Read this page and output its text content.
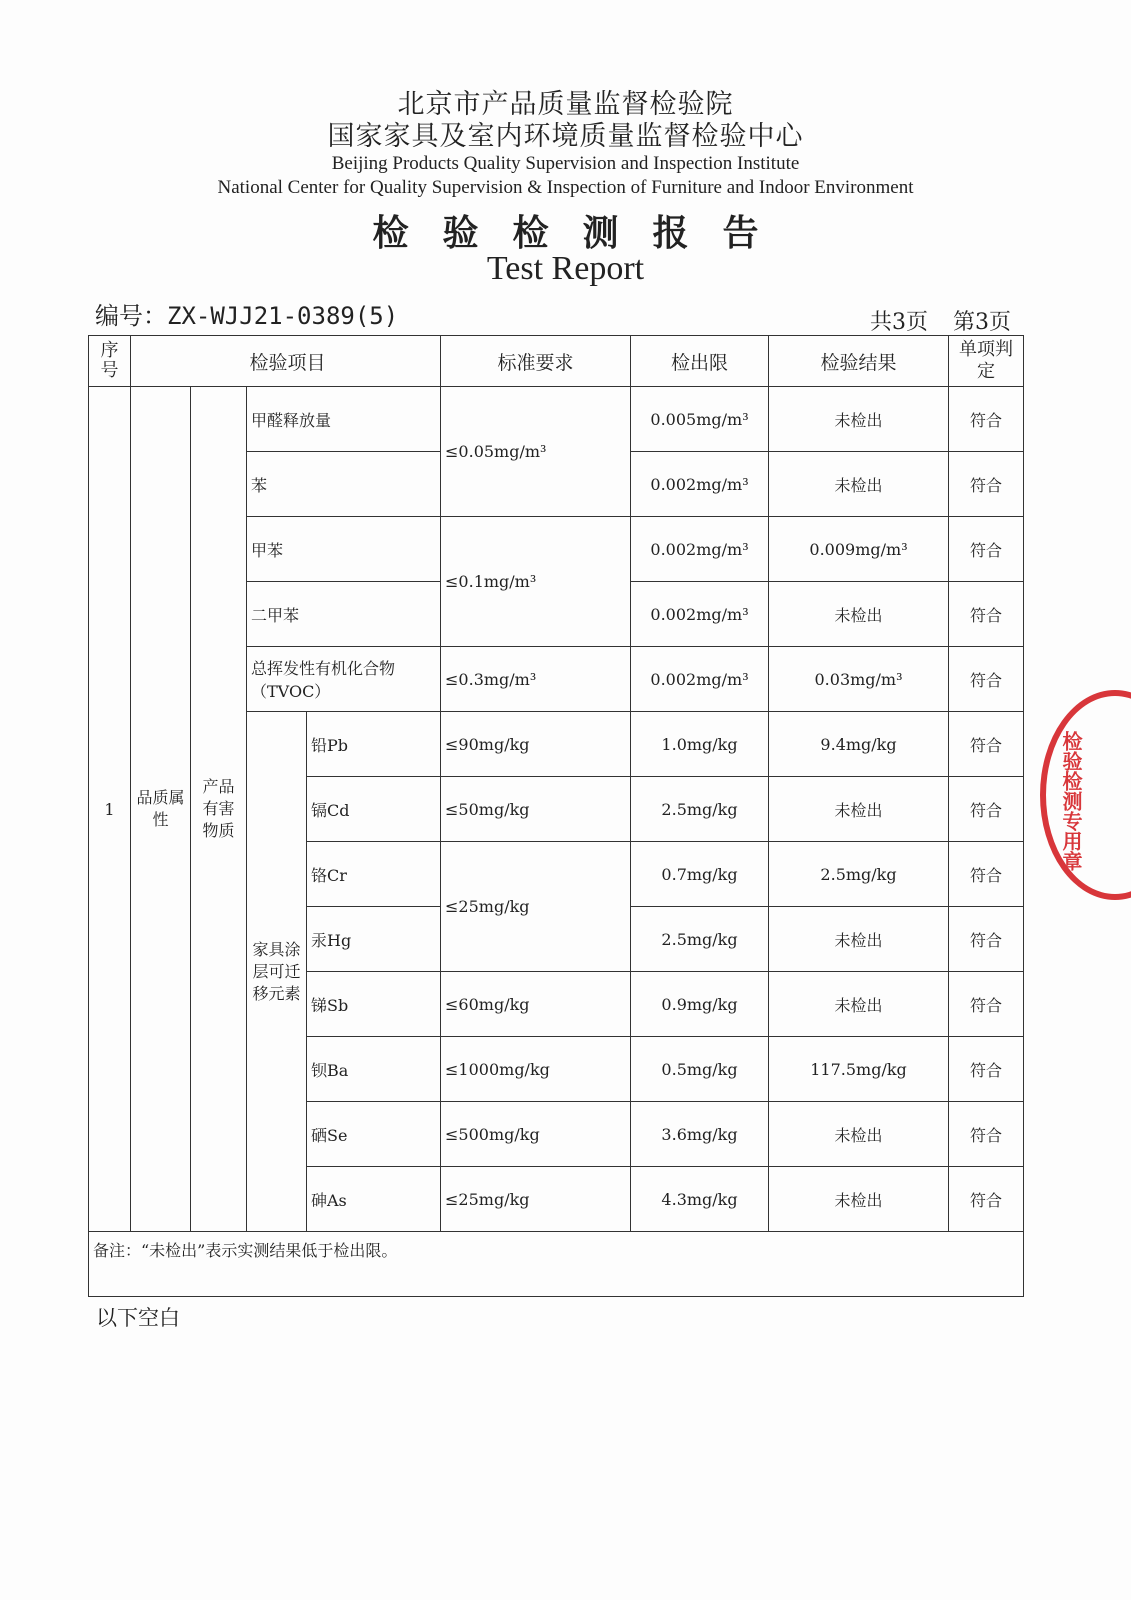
北京市产品质量监督检验院
国家家具及室内环境质量监督检验中心
Beijing Products Quality Supervision and Inspection Institute
National Center for Quality Supervision & Inspection of Furniture and Indoor Environment
检验检测报告
Test Report
编号：ZX-WJJ21-0389(5)	共3页 第3页
序号	检验项目				标准要求	检出限	检验结果	单项判定
1	品质属性	产品有害物质	甲醛释放量		≤0.05mg/m³	0.005mg/m³	未检出	符合
			苯			0.002mg/m³	未检出	符合
			甲苯		≤0.1mg/m³	0.002mg/m³	0.009mg/m³	符合
			二甲苯			0.002mg/m³	未检出	符合
			总挥发性有机化合物（TVOC）		≤0.3mg/m³	0.002mg/m³	0.03mg/m³	符合
			家具涂层可迁移元素	铅Pb	≤90mg/kg	1.0mg/kg	9.4mg/kg	符合
				镉Cd	≤50mg/kg	2.5mg/kg	未检出	符合
				铬Cr	≤25mg/kg	0.7mg/kg	2.5mg/kg	符合
				汞Hg		2.5mg/kg	未检出	符合
				锑Sb	≤60mg/kg	0.9mg/kg	未检出	符合
				钡Ba	≤1000mg/kg	0.5mg/kg	117.5mg/kg	符合
				硒Se	≤500mg/kg	3.6mg/kg	未检出	符合
				砷As	≤25mg/kg	4.3mg/kg	未检出	符合
备注：“未检出”表示实测结果低于检出限。								
以下空白
检验检测专用章
